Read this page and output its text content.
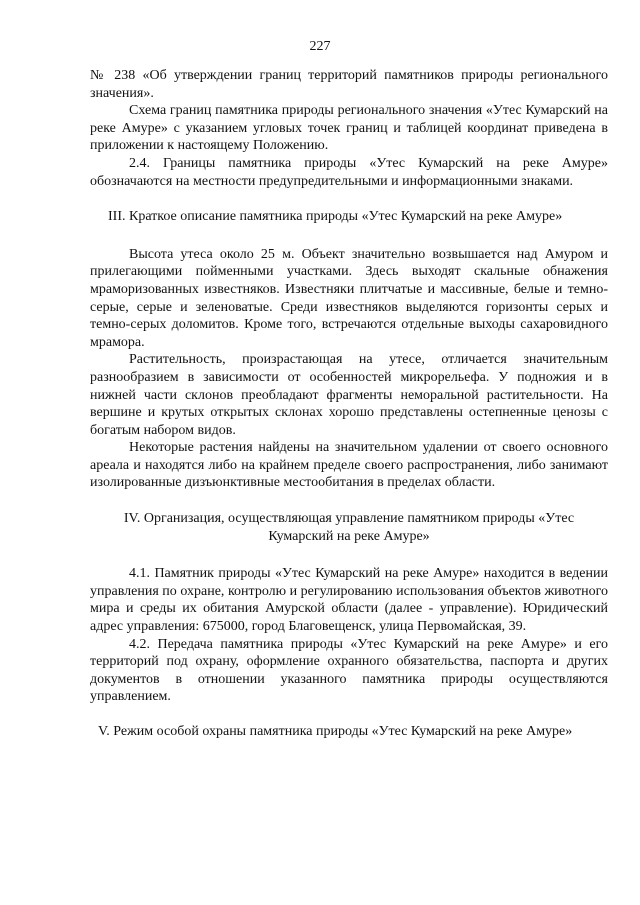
227

№ 238 «Об утверждении границ территорий памятников природы регионального значения».

Схема границ памятника природы регионального значения «Утес Кумарский на реке Амуре» с указанием угловых точек границ и таблицей координат приведена в приложении к настоящему Положению.

2.4. Границы памятника природы «Утес Кумарский на реке Амуре» обозначаются на местности предупредительными и информационными знаками.

III. Краткое описание памятника природы «Утес Кумарский на реке Амуре»

Высота утеса около 25 м. Объект значительно возвышается над Амуром и прилегающими пойменными участками. Здесь выходят скальные обнажения мраморизованных известняков. Известняки плитчатые и массивные, белые и темно-серые, серые и зеленоватые. Среди известняков выделяются горизонты серых и темно-серых доломитов. Кроме того, встречаются отдельные выходы сахаровидного мрамора.

Растительность, произрастающая на утесе, отличается значительным разнообразием в зависимости от особенностей микрорельефа. У подножия и в нижней части склонов преобладают фрагменты неморальной растительности. На вершине и крутых открытых склонах хорошо представлены остепненные ценозы с богатым набором видов.

Некоторые растения найдены на значительном удалении от своего основного ареала и находятся либо на крайнем пределе своего распространения, либо занимают изолированные дизъюнктивные местообитания в пределах области.

IV. Организация, осуществляющая управление памятником природы «Утес
Кумарский на реке Амуре»

4.1. Памятник природы «Утес Кумарский на реке Амуре» находится в ведении управления по охране, контролю и регулированию использования объектов животного мира и среды их обитания Амурской области (далее - управление). Юридический адрес управления: 675000, город Благовещенск, улица Первомайская, 39.

4.2. Передача памятника природы «Утес Кумарский на реке Амуре» и его территорий под охрану, оформление охранного обязательства, паспорта и других документов в отношении указанного памятника природы осуществляются управлением.

V. Режим особой охраны памятника природы «Утес Кумарский на реке Амуре»
